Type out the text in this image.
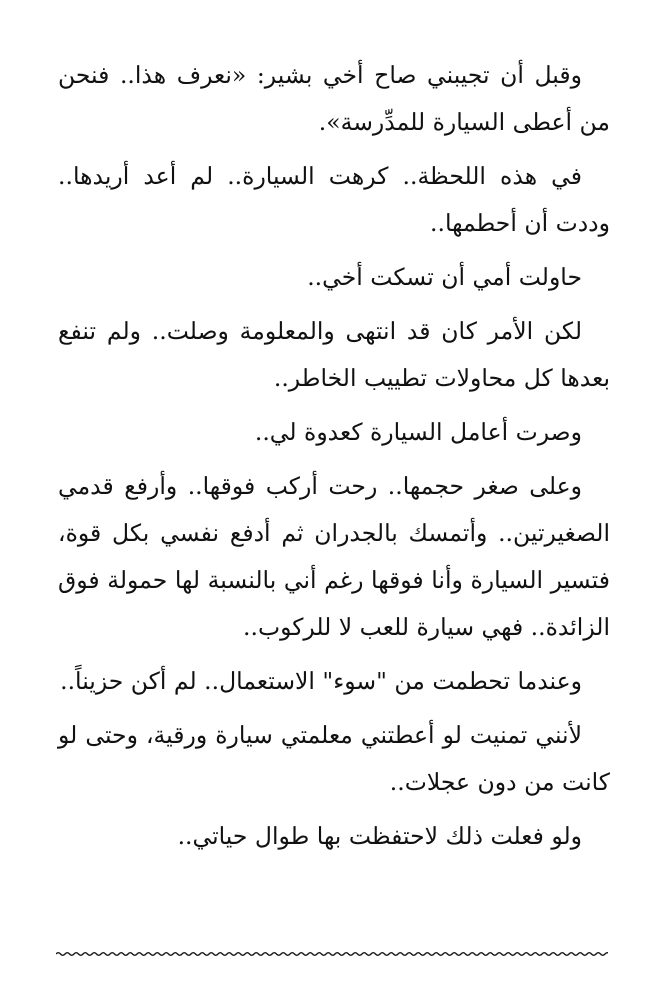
وقبل أن تجيبني صاح أخي بشير: «نعرف هذا.. فنحن من أعطى السيارة للمدِّرسة».

في هذه اللحظة.. كرهت السيارة.. لم أعد أريدها.. وددت أن أحطمها..

حاولت أمي أن تسكت أخي..

لكن الأمر كان قد انتهى والمعلومة وصلت.. ولم تنفع بعدها كل محاولات تطييب الخاطر..

وصرت أعامل السيارة كعدوة لي..

وعلى صغر حجمها.. رحت أركب فوقها.. وأرفع قدمي الصغيرتين.. وأتمسك بالجدران ثم أدفع نفسي بكل قوة، فتسير السيارة وأنا فوقها رغم أني بالنسبة لها حمولة فوق الزائدة.. فهي سيارة للعب لا للركوب..

وعندما تحطمت من "سوء" الاستعمال.. لم أكن حزيناً..

لأنني تمنيت لو أعطتني معلمتي سيارة ورقية، وحتى لو كانت من دون عجلات..

ولو فعلت ذلك لاحتفظت بها طوال حياتي..
